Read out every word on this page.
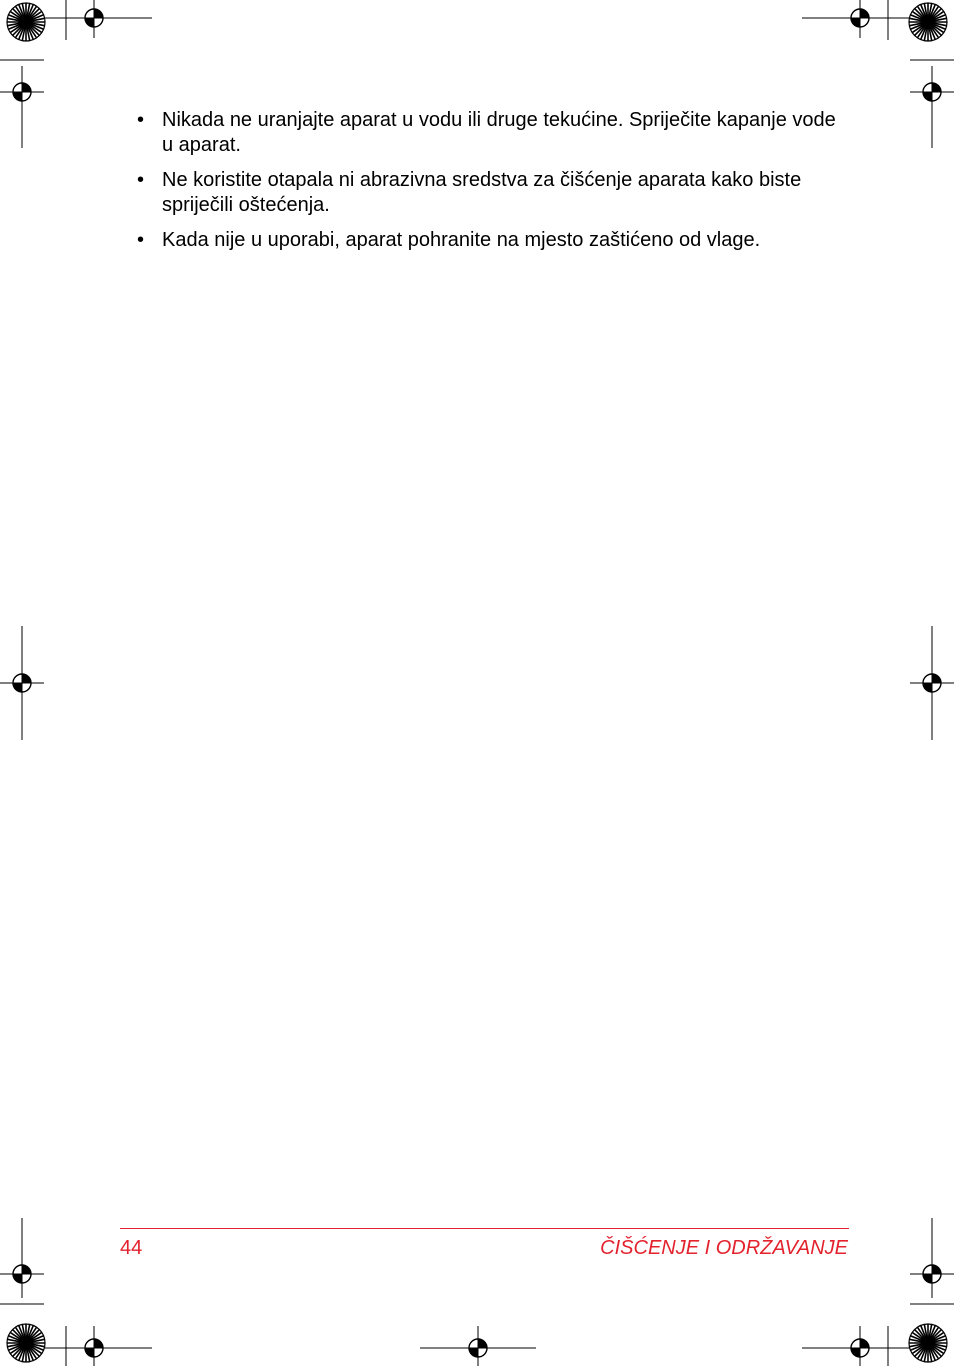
• Nikada ne uranjajte aparat u vodu ili druge tekućine. Spriječite kapanje vode u aparat.
• Ne koristite otapala ni abrazivna sredstva za čišćenje aparata kako biste spriječili oštećenja.
• Kada nije u uporabi, aparat pohranite na mjesto zaštićeno od vlage.
44	ČIŠĆENJE I ODRŽAVANJE
